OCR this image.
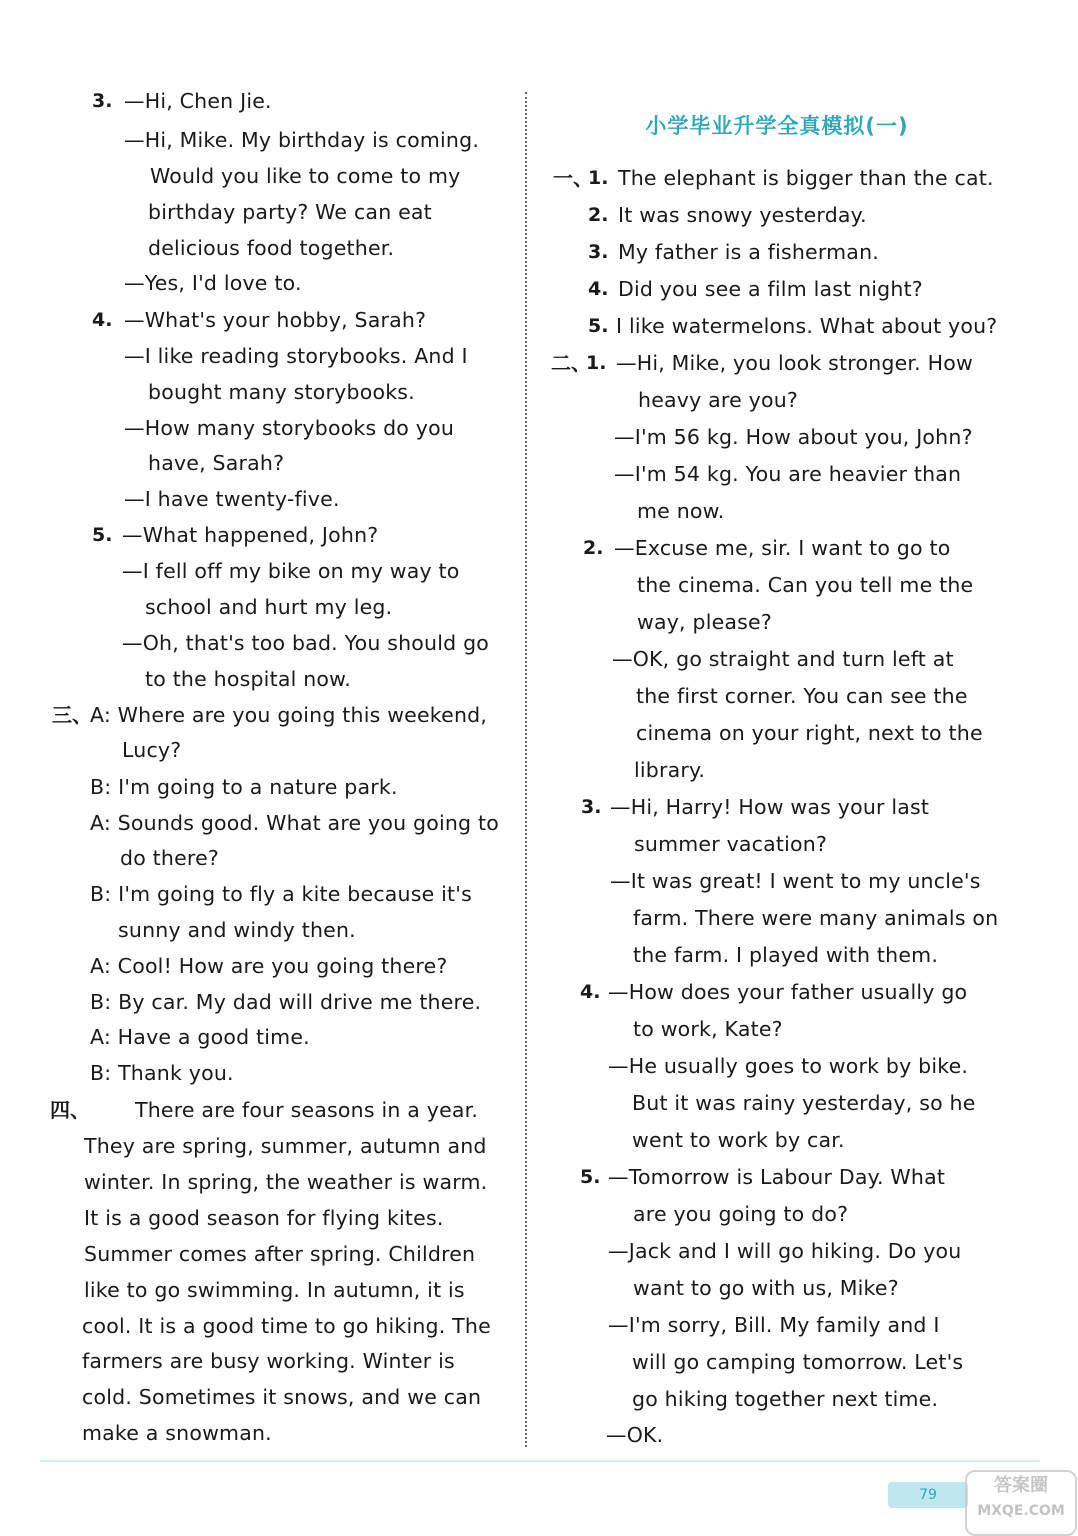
3. —Hi, Chen Jie.
—Hi, Mike. My birthday is coming.
Would you like to come to my
birthday party? We can eat
delicious food together.
—Yes, I'd love to.
4. —What's your hobby, Sarah?
—I like reading storybooks. And I
bought many storybooks.
—How many storybooks do you
have, Sarah?
—I have twenty-five.
5. —What happened, John?
—I fell off my bike on my way to
school and hurt my leg.
—Oh, that's too bad. You should go
to the hospital now.
三、
A: Where are you going this weekend,
Lucy?
B: I'm going to a nature park.
A: Sounds good. What are you going to
do there?
B: I'm going to fly a kite because it's
sunny and windy then.
A: Cool! How are you going there?
B: By car. My dad will drive me there.
A: Have a good time.
B: Thank you.
四、 There are four seasons in a year.
They are spring, summer, autumn and
winter. In spring, the weather is warm.
It is a good season for flying kites.
Summer comes after spring. Children
like to go swimming. In autumn, it is
cool. It is a good time to go hiking. The
farmers are busy working. Winter is
cold. Sometimes it snows, and we can
make a snowman.
小学毕业升学全真模拟(一)
一、
1. The elephant is bigger than the cat.
2. It was snowy yesterday.
3. My father is a fisherman.
4. Did you see a film last night?
5. I like watermelons. What about you?
二、
1. —Hi, Mike, you look stronger. How
heavy are you?
—I'm 56 kg. How about you, John?
—I'm 54 kg. You are heavier than
me now.
2. —Excuse me, sir. I want to go to
the cinema. Can you tell me the
way, please?
—OK, go straight and turn left at
the first corner. You can see the
cinema on your right, next to the
library.
3. —Hi, Harry! How was your last
summer vacation?
—It was great! I went to my uncle's
farm. There were many animals on
the farm. I played with them.
4. —How does your father usually go
to work, Kate?
—He usually goes to work by bike.
But it was rainy yesterday, so he
went to work by car.
5. —Tomorrow is Labour Day. What
are you going to do?
—Jack and I will go hiking. Do you
want to go with us, Mike?
—I'm sorry, Bill. My family and I
will go camping tomorrow. Let's
go hiking together next time.
—OK.
79	答案圈
MXQE.COM
